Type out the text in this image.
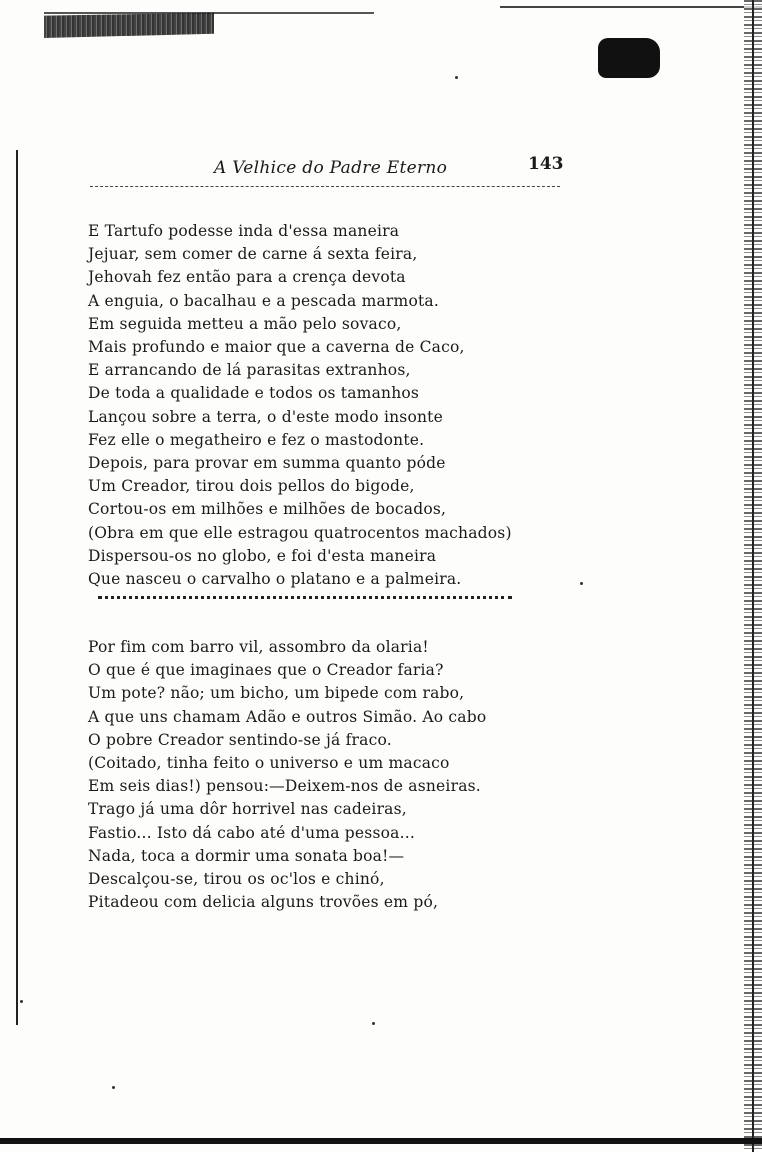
A Velhice do Padre Eterno	143
E Tartufo podesse inda d'essa maneira
Jejuar, sem comer de carne á sexta feira,
Jehovah fez então para a crença devota
A enguia, o bacalhau e a pescada marmota.
Em seguida metteu a mão pelo sovaco,
Mais profundo e maior que a caverna de Caco,
E arrancando de lá parasitas extranhos,
De toda a qualidade e todos os tamanhos
Lançou sobre a terra, o d'este modo insonte
Fez elle o megatheiro e fez o mastodonte.
Depois, para provar em summa quanto póde
Um Creador, tirou dois pellos do bigode,
Cortou-os em milhões e milhões de bocados,
(Obra em que elle estragou quatrocentos machados)
Dispersou-os no globo, e foi d'esta maneira
Que nasceu o carvalho o platano e a palmeira.
Por fim com barro vil, assombro da olaria!
O que é que imaginaes que o Creador faria?
Um pote? não; um bicho, um bipede com rabo,
A que uns chamam Adão e outros Simão. Ao cabo
O pobre Creador sentindo-se já fraco.
(Coitado, tinha feito o universo e um macaco
Em seis dias!) pensou:—Deixem-nos de asneiras.
Trago já uma dôr horrivel nas cadeiras,
Fastio... Isto dá cabo até d'uma pessoa...
Nada, toca a dormir uma sonata boa!—
Descalçou-se, tirou os oc'los e chinó,
Pitadeou com delicia alguns trovões em pó,
